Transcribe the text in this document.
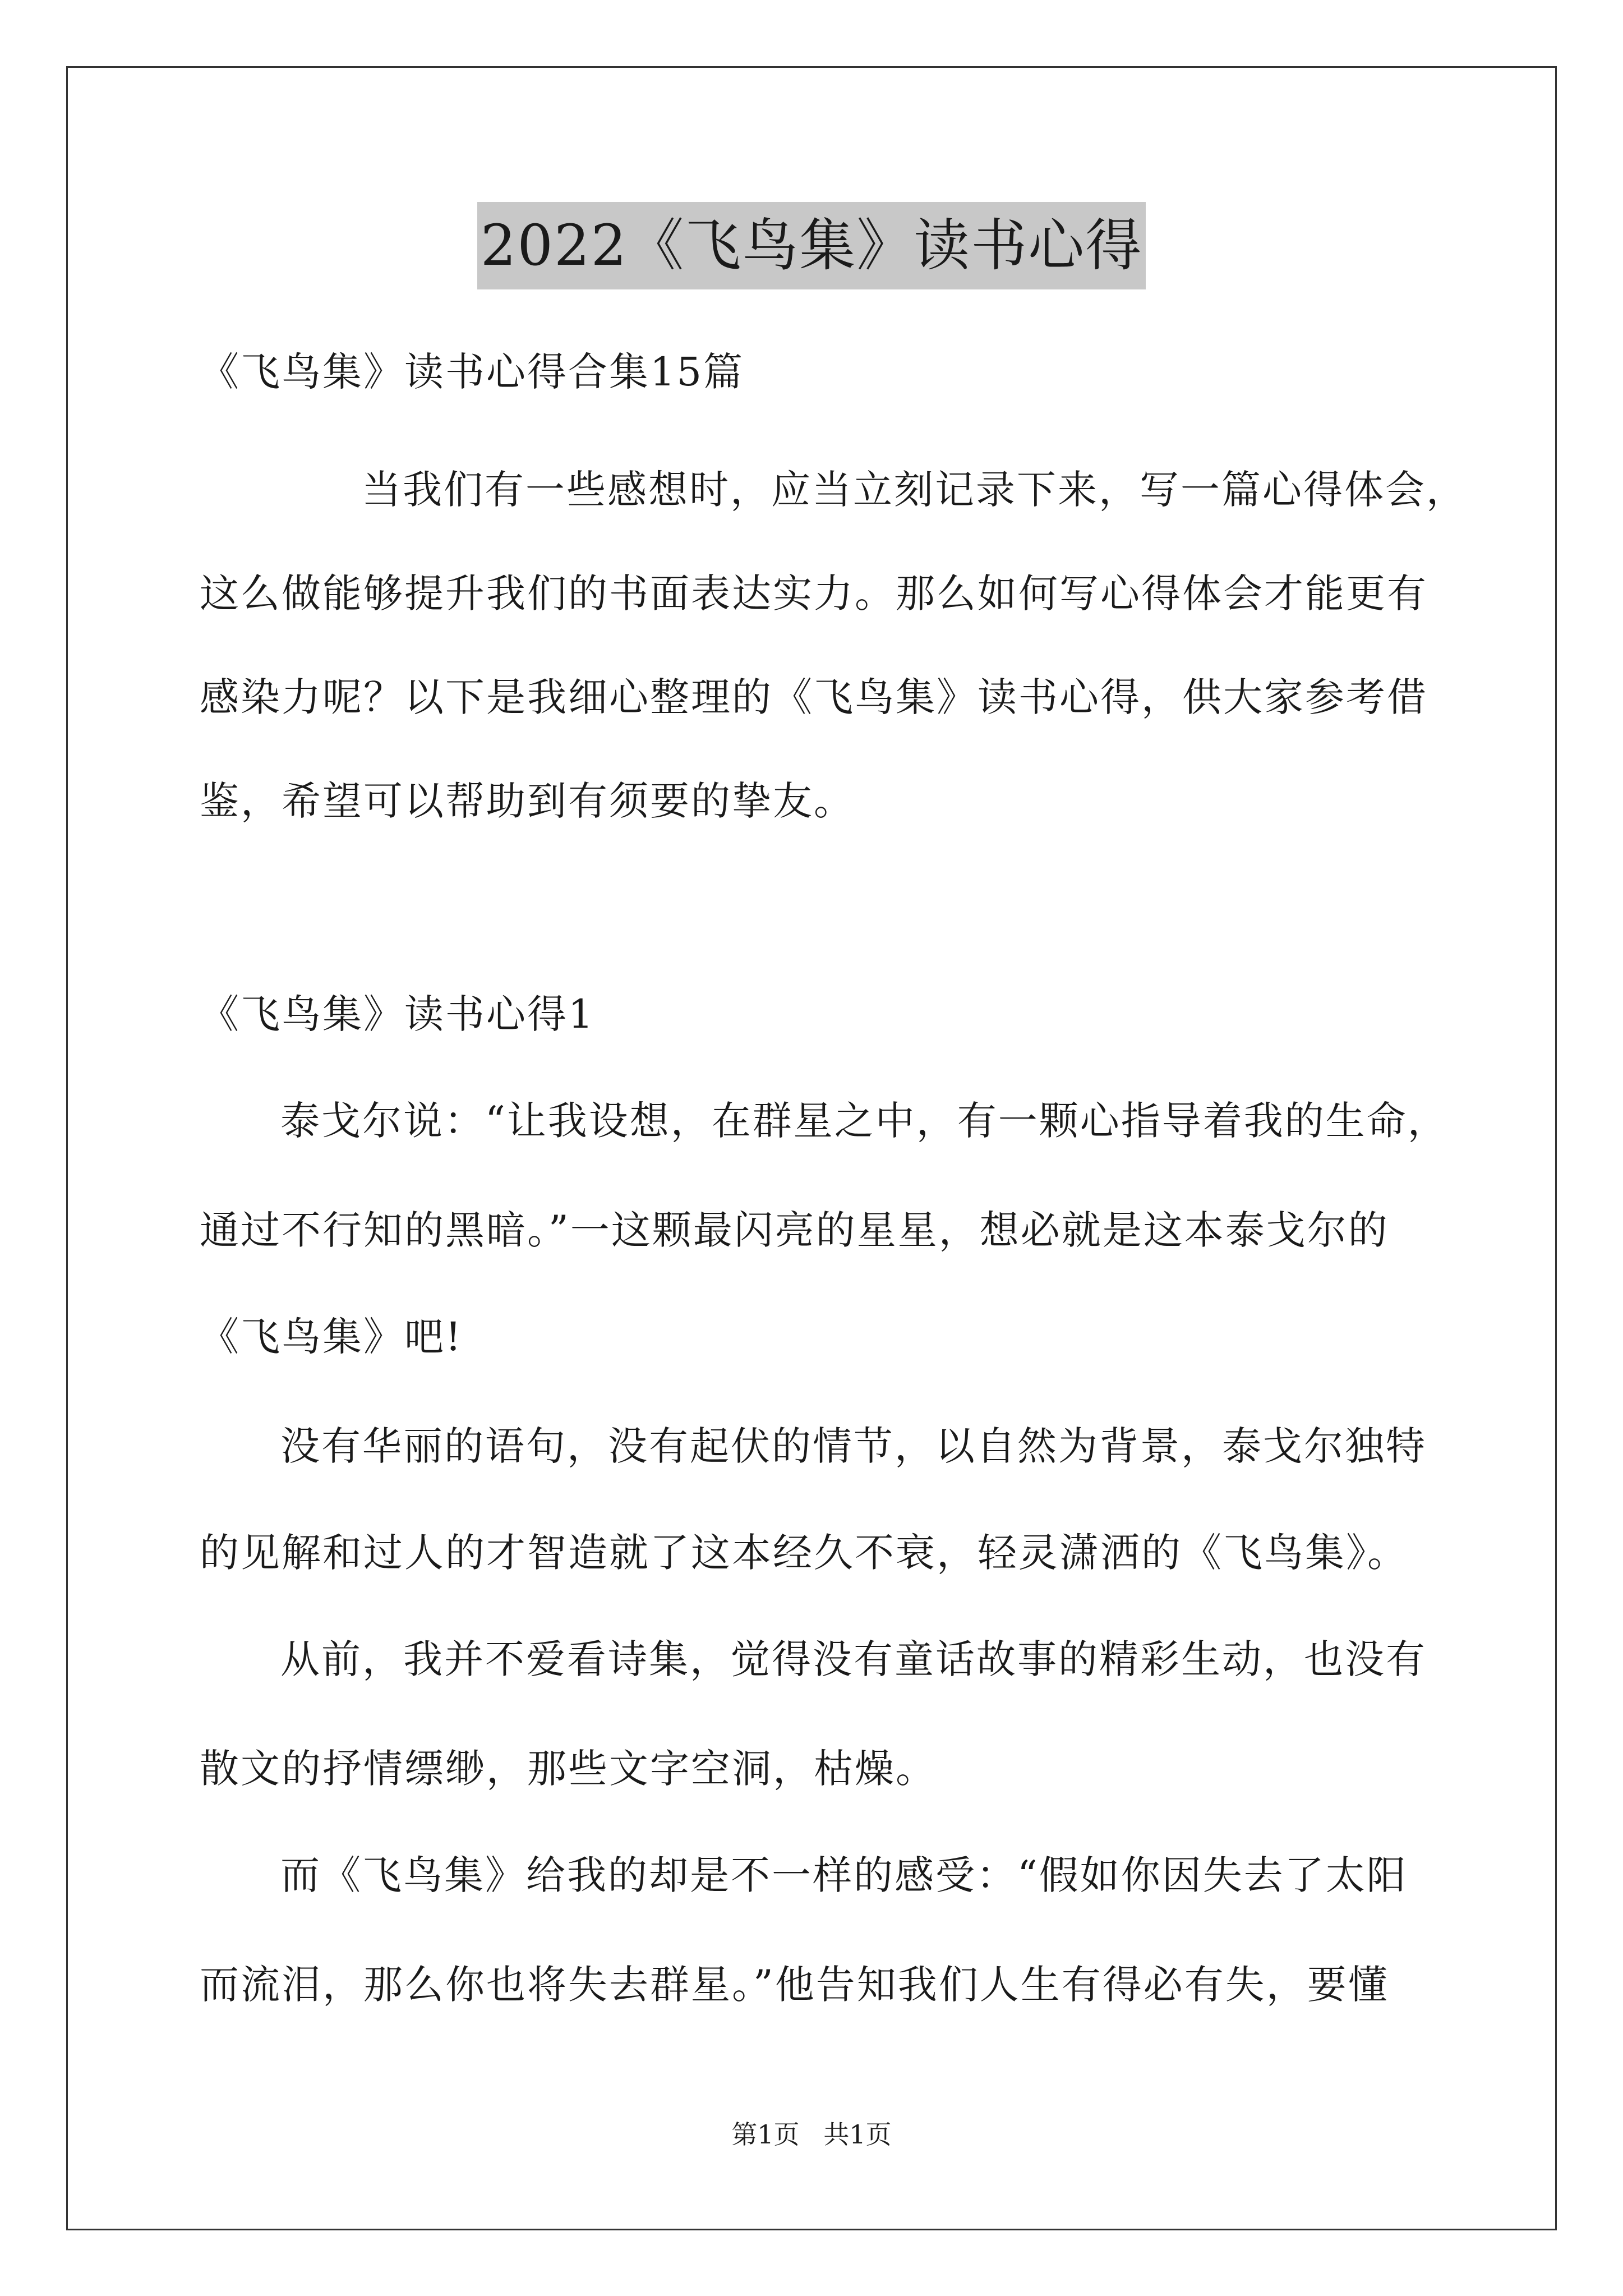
2022《飞鸟集》读书心得
《飞鸟集》读书心得合集15篇
当我们有一些感想时，应当立刻记录下来，写一篇心得体会，
这么做能够提升我们的书面表达实力。那么如何写心得体会才能更有
感染力呢？以下是我细心整理的《飞鸟集》读书心得，供大家参考借
鉴，希望可以帮助到有须要的挚友。
《飞鸟集》读书心得1
泰戈尔说：“让我设想，在群星之中，有一颗心指导着我的生命，
通过不行知的黑暗。”一这颗最闪亮的星星，想必就是这本泰戈尔的
《飞鸟集》吧!
没有华丽的语句，没有起伏的情节，以自然为背景，泰戈尔独特
的见解和过人的才智造就了这本经久不衰，轻灵潇洒的《飞鸟集》。
从前，我并不爱看诗集，觉得没有童话故事的精彩生动，也没有
散文的抒情缥缈，那些文字空洞，枯燥。
而《飞鸟集》给我的却是不一样的感受：“假如你因失去了太阳
而流泪，那么你也将失去群星。”他告知我们人生有得必有失，要懂
第1页 共1页
